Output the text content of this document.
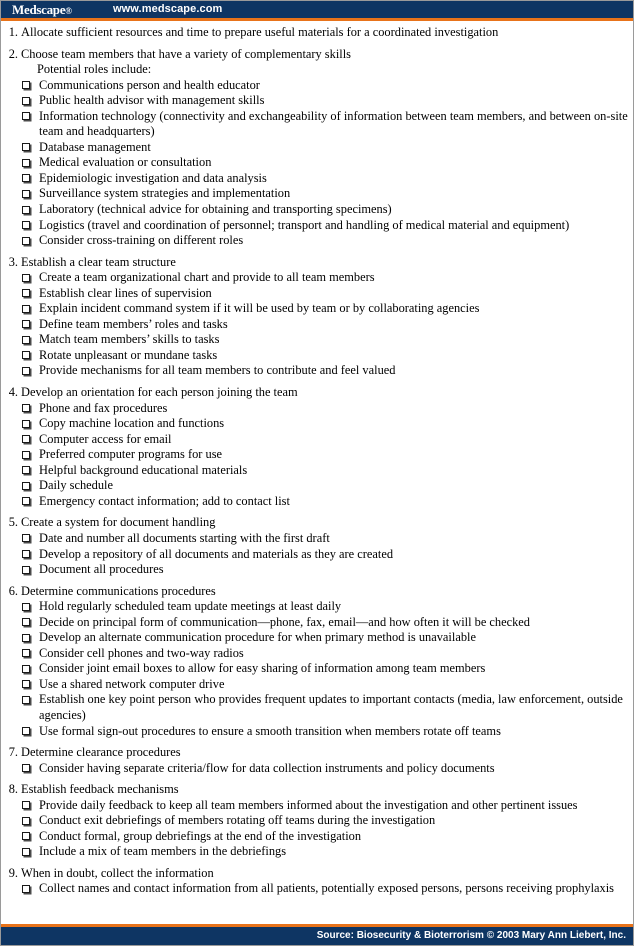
Medscape®	www.medscape.com
1. Allocate sufficient resources and time to prepare useful materials for a coordinated investigation
2. Choose team members that have a variety of complementary skills
Potential roles include:
Communications person and health educator
Public health advisor with management skills
Information technology (connectivity and exchangeability of information between team members, and between on-site team and headquarters)
Database management
Medical evaluation or consultation
Epidemiologic investigation and data analysis
Surveillance system strategies and implementation
Laboratory (technical advice for obtaining and transporting specimens)
Logistics (travel and coordination of personnel; transport and handling of medical material and equipment)
Consider cross-training on different roles
3. Establish a clear team structure
Create a team organizational chart and provide to all team members
Establish clear lines of supervision
Explain incident command system if it will be used by team or by collaborating agencies
Define team members’ roles and tasks
Match team members’ skills to tasks
Rotate unpleasant or mundane tasks
Provide mechanisms for all team members to contribute and feel valued
4. Develop an orientation for each person joining the team
Phone and fax procedures
Copy machine location and functions
Computer access for email
Preferred computer programs for use
Helpful background educational materials
Daily schedule
Emergency contact information; add to contact list
5. Create a system for document handling
Date and number all documents starting with the first draft
Develop a repository of all documents and materials as they are created
Document all procedures
6. Determine communications procedures
Hold regularly scheduled team update meetings at least daily
Decide on principal form of communication—phone, fax, email—and how often it will be checked
Develop an alternate communication procedure for when primary method is unavailable
Consider cell phones and two-way radios
Consider joint email boxes to allow for easy sharing of information among team members
Use a shared network computer drive
Establish one key point person who provides frequent updates to important contacts (media, law enforcement, outside agencies)
Use formal sign-out procedures to ensure a smooth transition when members rotate off teams
7. Determine clearance procedures
Consider having separate criteria/flow for data collection instruments and policy documents
8. Establish feedback mechanisms
Provide daily feedback to keep all team members informed about the investigation and other pertinent issues
Conduct exit debriefings of members rotating off teams during the investigation
Conduct formal, group debriefings at the end of the investigation
Include a mix of team members in the debriefings
9. When in doubt, collect the information
Collect names and contact information from all patients, potentially exposed persons, persons receiving prophylaxis
Source: Biosecurity & Bioterrorism © 2003 Mary Ann Liebert, Inc.
